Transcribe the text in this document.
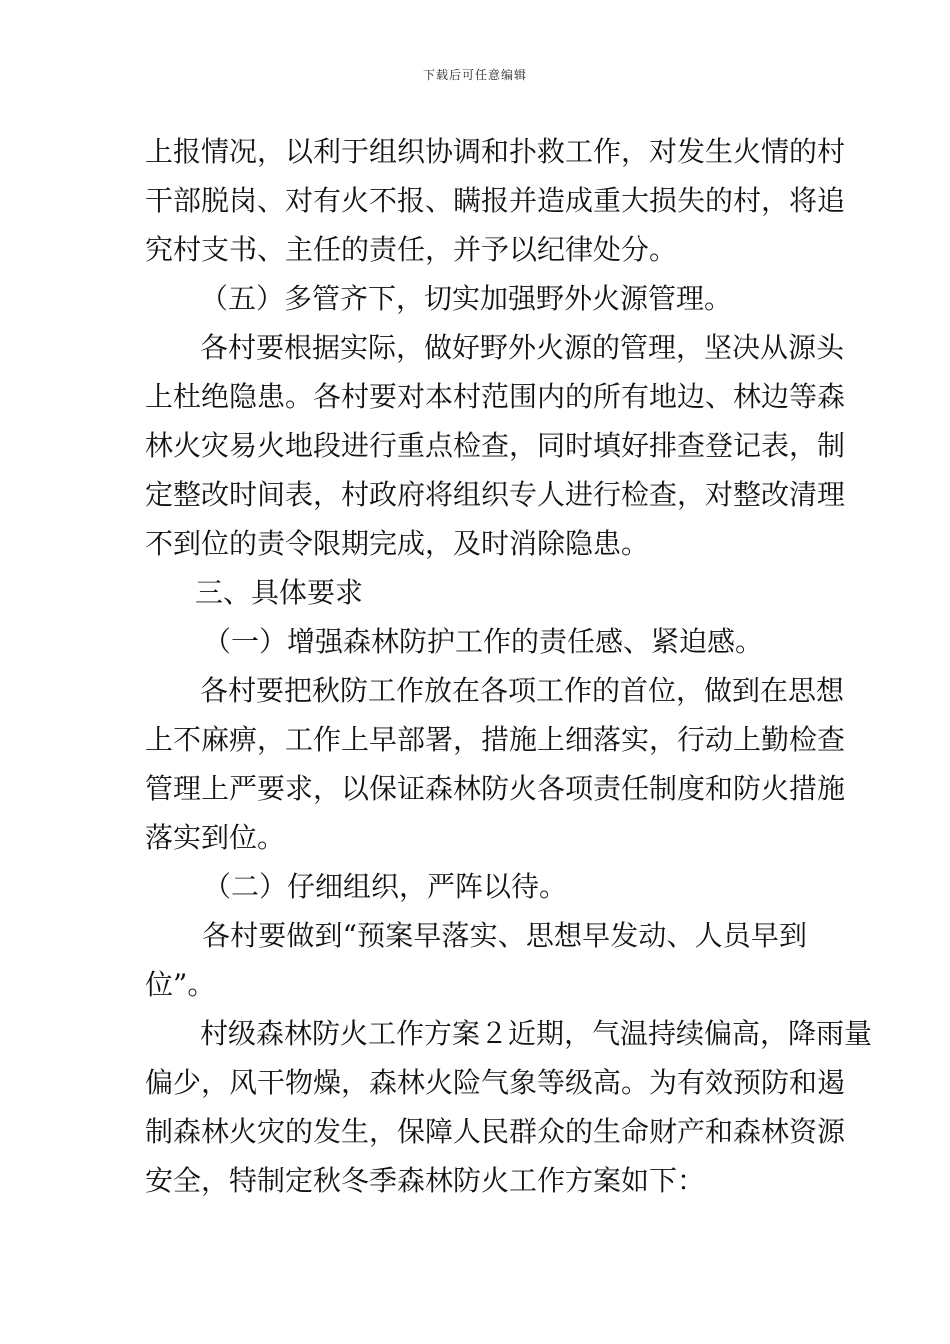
下载后可任意编辑
上报情况，以利于组织协调和扑救工作，对发生火情的村
干部脱岗、对有火不报、瞒报并造成重大损失的村，将追
究村支书、主任的责任，并予以纪律处分。
（五）多管齐下，切实加强野外火源管理。
各村要根据实际，做好野外火源的管理，坚决从源头
上杜绝隐患。各村要对本村范围内的所有地边、林边等森
林火灾易火地段进行重点检查，同时填好排查登记表，制
定整改时间表，村政府将组织专人进行检查，对整改清理
不到位的责令限期完成，及时消除隐患。
三、具体要求
（一）增强森林防护工作的责任感、紧迫感。
各村要把秋防工作放在各项工作的首位，做到在思想
上不麻痹，工作上早部署，措施上细落实，行动上勤检查
管理上严要求，以保证森林防火各项责任制度和防火措施
落实到位。
（二）仔细组织，严阵以待。
各村要做到“预案早落实、思想早发动、人员早到
位”。
村级森林防火工作方案２近期，气温持续偏高，降雨量
偏少，风干物燥，森林火险气象等级高。为有效预防和遏
制森林火灾的发生，保障人民群众的生命财产和森林资源
安全，特制定秋冬季森林防火工作方案如下：
